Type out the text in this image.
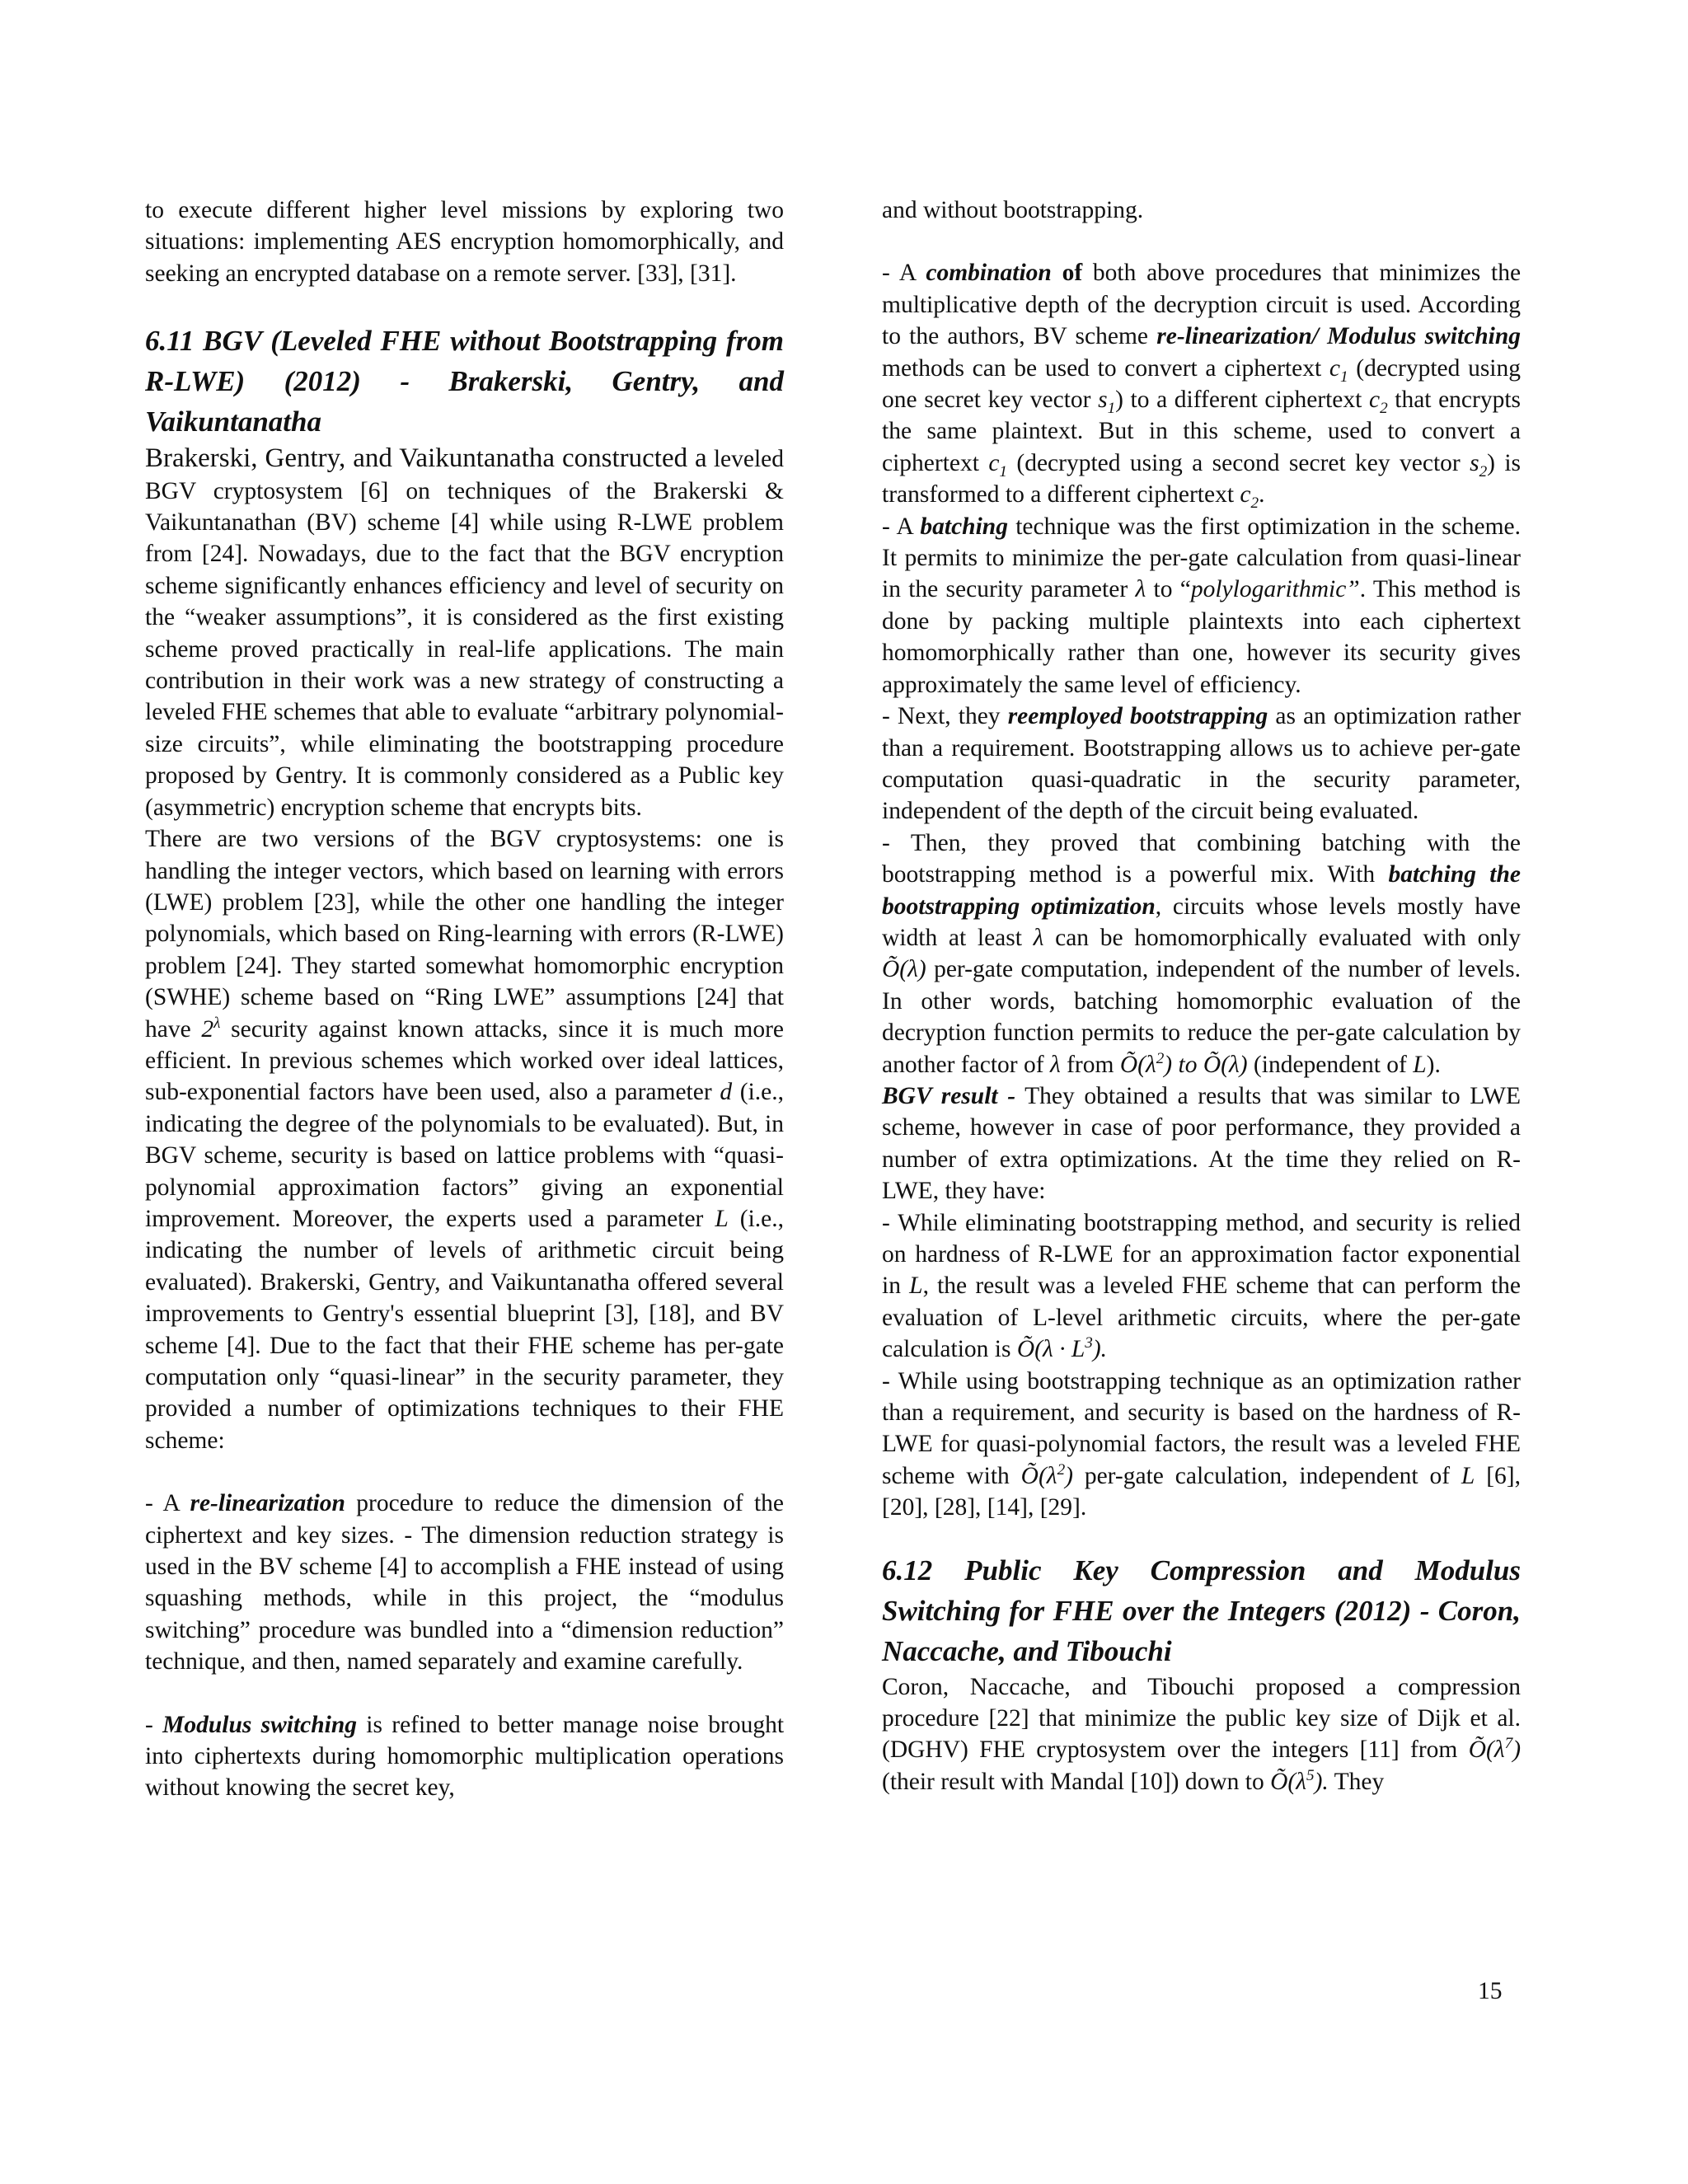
to execute different higher level missions by exploring two situations: implementing AES encryption homomorphically, and seeking an encrypted database on a remote server. [33], [31].

6.11 BGV (Leveled FHE without Bootstrapping from R-LWE) (2012) - Brakerski, Gentry, and Vaikuntanatha

Brakerski, Gentry, and Vaikuntanatha constructed a leveled BGV cryptosystem [6] on techniques of the Brakerski & Vaikuntanathan (BV) scheme [4] while using R-LWE problem from [24]. Nowadays, due to the fact that the BGV encryption scheme significantly enhances efficiency and level of security on the “weaker assumptions”, it is considered as the first existing scheme proved practically in real-life applications. The main contribution in their work was a new strategy of constructing a leveled FHE schemes that able to evaluate “arbitrary polynomial-size circuits”, while eliminating the bootstrapping procedure proposed by Gentry. It is commonly considered as a Public key (asymmetric) encryption scheme that encrypts bits.

There are two versions of the BGV cryptosystems: one is handling the integer vectors, which based on learning with errors (LWE) problem [23], while the other one handling the integer polynomials, which based on Ring-learning with errors (R-LWE) problem [24]. They started somewhat homomorphic encryption (SWHE) scheme based on “Ring LWE” assumptions [24] that have $2^\lambda$ security against known attacks, since it is much more efficient. In previous schemes which worked over ideal lattices, sub-exponential factors have been used, also a parameter d (i.e., indicating the degree of the polynomials to be evaluated). But, in BGV scheme, security is based on lattice problems with “quasi-polynomial approximation factors” giving an exponential improvement. Moreover, the experts used a parameter L (i.e., indicating the number of levels of arithmetic circuit being evaluated). Brakerski, Gentry, and Vaikuntanatha offered several improvements to Gentry's essential blueprint [3], [18], and BV scheme [4]. Due to the fact that their FHE scheme has per-gate computation only “quasi-linear” in the security parameter, they provided a number of optimizations techniques to their FHE scheme:

- A re-linearization procedure to reduce the dimension of the ciphertext and key sizes. - The dimension reduction strategy is used in the BV scheme [4] to accomplish a FHE instead of using squashing methods, while in this project, the “modulus switching” procedure was bundled into a “dimension reduction” technique, and then, named separately and examine carefully.

- Modulus switching is refined to better manage noise brought into ciphertexts during homomorphic multiplication operations without knowing the secret key,

and without bootstrapping.

- A combination of both above procedures that minimizes the multiplicative depth of the decryption circuit is used. According to the authors, BV scheme re-linearization/ Modulus switching methods can be used to convert a ciphertext $c_1$ (decrypted using one secret key vector $s_1$) to a different ciphertext $c_2$ that encrypts the same plaintext. But in this scheme, used to convert a ciphertext $c_1$ (decrypted using a second secret key vector $s_2$) is transformed to a different ciphertext $c_2$.

- A batching technique was the first optimization in the scheme. It permits to minimize the per-gate calculation from quasi-linear in the security parameter λ to “polylogarithmic”. This method is done by packing multiple plaintexts into each ciphertext homomorphically rather than one, however its security gives approximately the same level of efficiency.

- Next, they reemployed bootstrapping as an optimization rather than a requirement. Bootstrapping allows us to achieve per-gate computation quasi-quadratic in the security parameter, independent of the depth of the circuit being evaluated.

- Then, they proved that combining batching with the bootstrapping method is a powerful mix. With batching the bootstrapping optimization, circuits whose levels mostly have width at least λ can be homomorphically evaluated with only Õ(λ) per-gate computation, independent of the number of levels. In other words, batching homomorphic evaluation of the decryption function permits to reduce the per-gate calculation by another factor of λ from $Õ(\lambda^2)$ to Õ(λ) (independent of L).

BGV result - They obtained a results that was similar to LWE scheme, however in case of poor performance, they provided a number of extra optimizations. At the time they relied on R-LWE, they have:

- While eliminating bootstrapping method, and security is relied on hardness of R-LWE for an approximation factor exponential in L, the result was a leveled FHE scheme that can perform the evaluation of L-level arithmetic circuits, where the per-gate calculation is Õ(λ · $L^3$).

- While using bootstrapping technique as an optimization rather than a requirement, and security is based on the hardness of R-LWE for quasi-polynomial factors, the result was a leveled FHE scheme with $Õ(\lambda^2)$ per-gate calculation, independent of L [6], [20], [28], [14], [29].

6.12 Public Key Compression and Modulus Switching for FHE over the Integers (2012) - Coron, Naccache, and Tibouchi

Coron, Naccache, and Tibouchi proposed a compression procedure [22] that minimize the public key size of Dijk et al. (DGHV) FHE cryptosystem over the integers [11] from $Õ(\lambda^7)$ (their result with Mandal [10]) down to $Õ(\lambda^5)$. They

15
